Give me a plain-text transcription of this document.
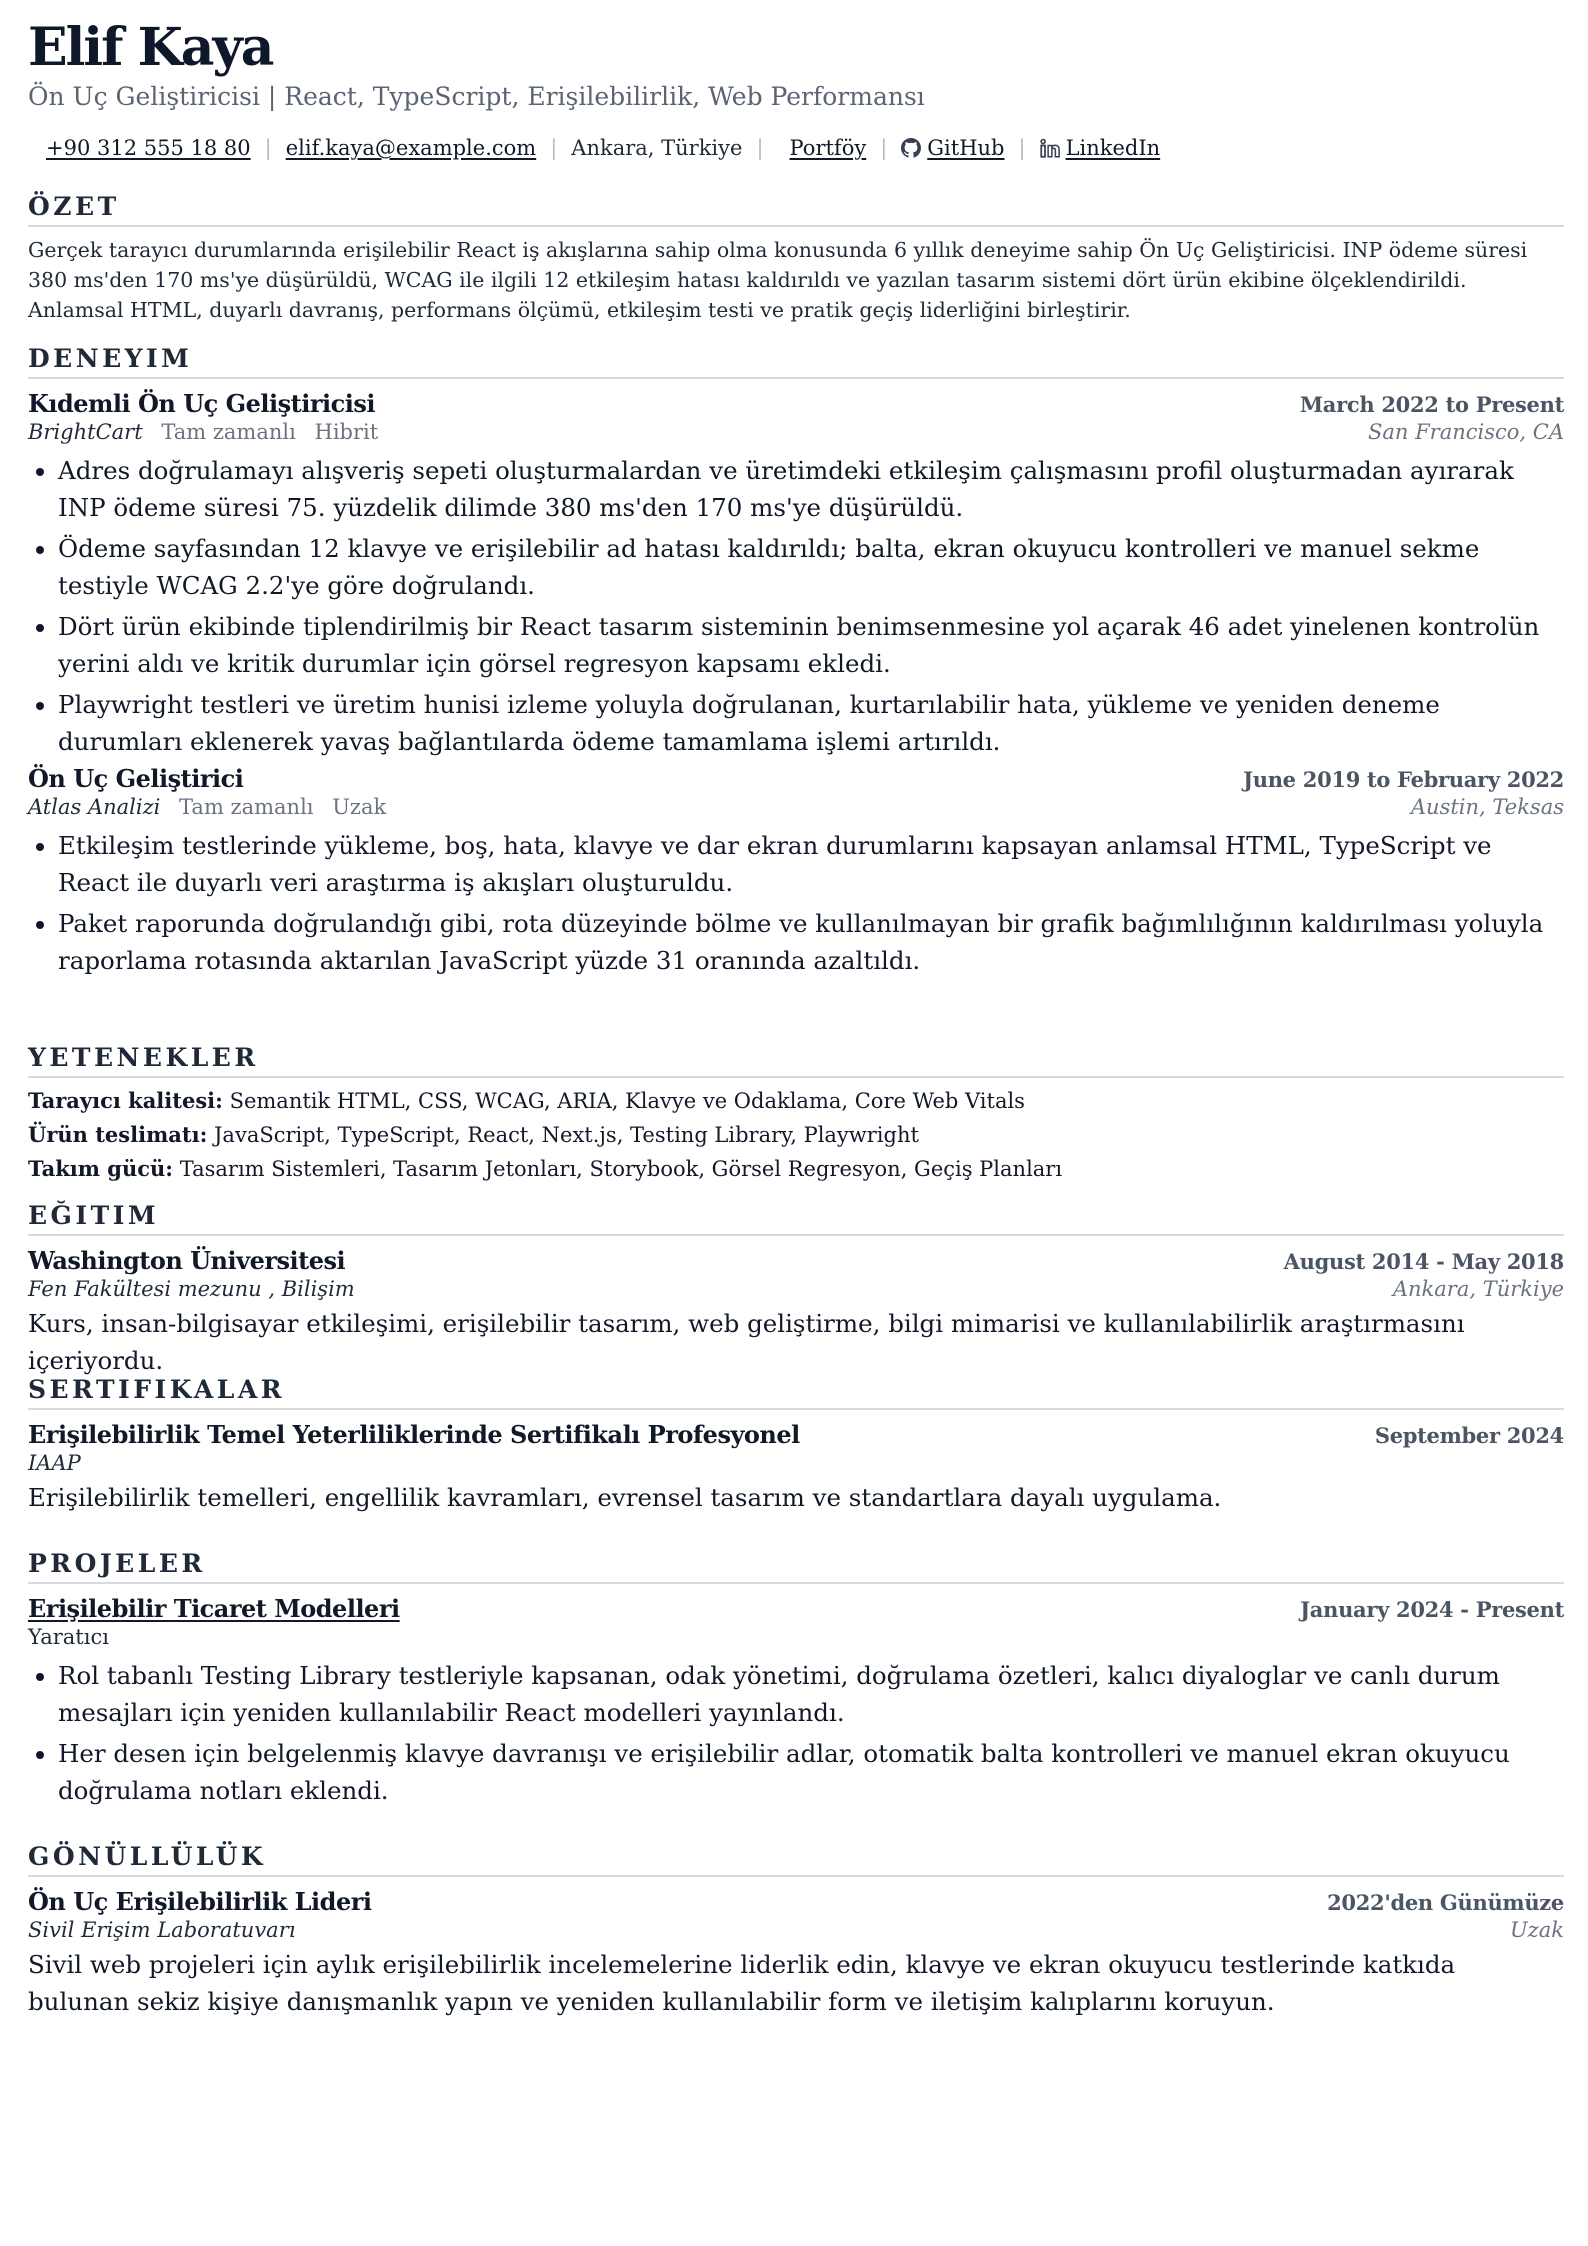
Elif Kaya
Ön Uç Geliştiricisi | React, TypeScript, Erişilebilirlik, Web Performansı
+90 312 555 18 80 | elif.kaya@example.com | Ankara, Türkiye | Portföy | GitHub | LinkedIn
ÖZET
Gerçek tarayıcı durumlarında erişilebilir React iş akışlarına sahip olma konusunda 6 yıllık deneyime sahip Ön Uç Geliştiricisi. INP ödeme süresi 380 ms'den 170 ms'ye düşürüldü, WCAG ile ilgili 12 etkileşim hatası kaldırıldı ve yazılan tasarım sistemi dört ürün ekibine ölçeklendirildi. Anlamsal HTML, duyarlı davranış, performans ölçümü, etkileşim testi ve pratik geçiş liderliğini birleştirir.
DENEYIM
Kıdemli Ön Uç Geliştiricisi	March 2022 to Present
BrightCart Tam zamanlı Hibrit	San Francisco, CA
• Adres doğrulamayı alışveriş sepeti oluşturmalardan ve üretimdeki etkileşim çalışmasını profil oluşturmadan ayırarak INP ödeme süresi 75. yüzdelik dilimde 380 ms'den 170 ms'ye düşürüldü.
• Ödeme sayfasından 12 klavye ve erişilebilir ad hatası kaldırıldı; balta, ekran okuyucu kontrolleri ve manuel sekme testiyle WCAG 2.2'ye göre doğrulandı.
• Dört ürün ekibinde tiplendirilmiş bir React tasarım sisteminin benimsenmesine yol açarak 46 adet yinelenen kontrolün yerini aldı ve kritik durumlar için görsel regresyon kapsamı ekledi.
• Playwright testleri ve üretim hunisi izleme yoluyla doğrulanan, kurtarılabilir hata, yükleme ve yeniden deneme durumları eklenerek yavaş bağlantılarda ödeme tamamlama işlemi artırıldı.
Ön Uç Geliştirici	June 2019 to February 2022
Atlas Analizi Tam zamanlı Uzak	Austin, Teksas
• Etkileşim testlerinde yükleme, boş, hata, klavye ve dar ekran durumlarını kapsayan anlamsal HTML, TypeScript ve React ile duyarlı veri araştırma iş akışları oluşturuldu.
• Paket raporunda doğrulandığı gibi, rota düzeyinde bölme ve kullanılmayan bir grafik bağımlılığının kaldırılması yoluyla raporlama rotasında aktarılan JavaScript yüzde 31 oranında azaltıldı.
YETENEKLER
Tarayıcı kalitesi: Semantik HTML, CSS, WCAG, ARIA, Klavye ve Odaklama, Core Web Vitals
Ürün teslimatı: JavaScript, TypeScript, React, Next.js, Testing Library, Playwright
Takım gücü: Tasarım Sistemleri, Tasarım Jetonları, Storybook, Görsel Regresyon, Geçiş Planları
EĞITIM
Washington Üniversitesi	August 2014 - May 2018
Fen Fakültesi mezunu , Bilişim	Ankara, Türkiye
Kurs, insan-bilgisayar etkileşimi, erişilebilir tasarım, web geliştirme, bilgi mimarisi ve kullanılabilirlik araştırmasını içeriyordu.
SERTIFIKALAR
Erişilebilirlik Temel Yeterliliklerinde Sertifikalı Profesyonel	September 2024
IAAP
Erişilebilirlik temelleri, engellilik kavramları, evrensel tasarım ve standartlara dayalı uygulama.
PROJELER
Erişilebilir Ticaret Modelleri	January 2024 - Present
Yaratıcı
• Rol tabanlı Testing Library testleriyle kapsanan, odak yönetimi, doğrulama özetleri, kalıcı diyaloglar ve canlı durum mesajları için yeniden kullanılabilir React modelleri yayınlandı.
• Her desen için belgelenmiş klavye davranışı ve erişilebilir adlar, otomatik balta kontrolleri ve manuel ekran okuyucu doğrulama notları eklendi.
GÖNÜLLÜLÜK
Ön Uç Erişilebilirlik Lideri	2022'den Günümüze
Sivil Erişim Laboratuvarı	Uzak
Sivil web projeleri için aylık erişilebilirlik incelemelerine liderlik edin, klavye ve ekran okuyucu testlerinde katkıda bulunan sekiz kişiye danışmanlık yapın ve yeniden kullanılabilir form ve iletişim kalıplarını koruyun.
